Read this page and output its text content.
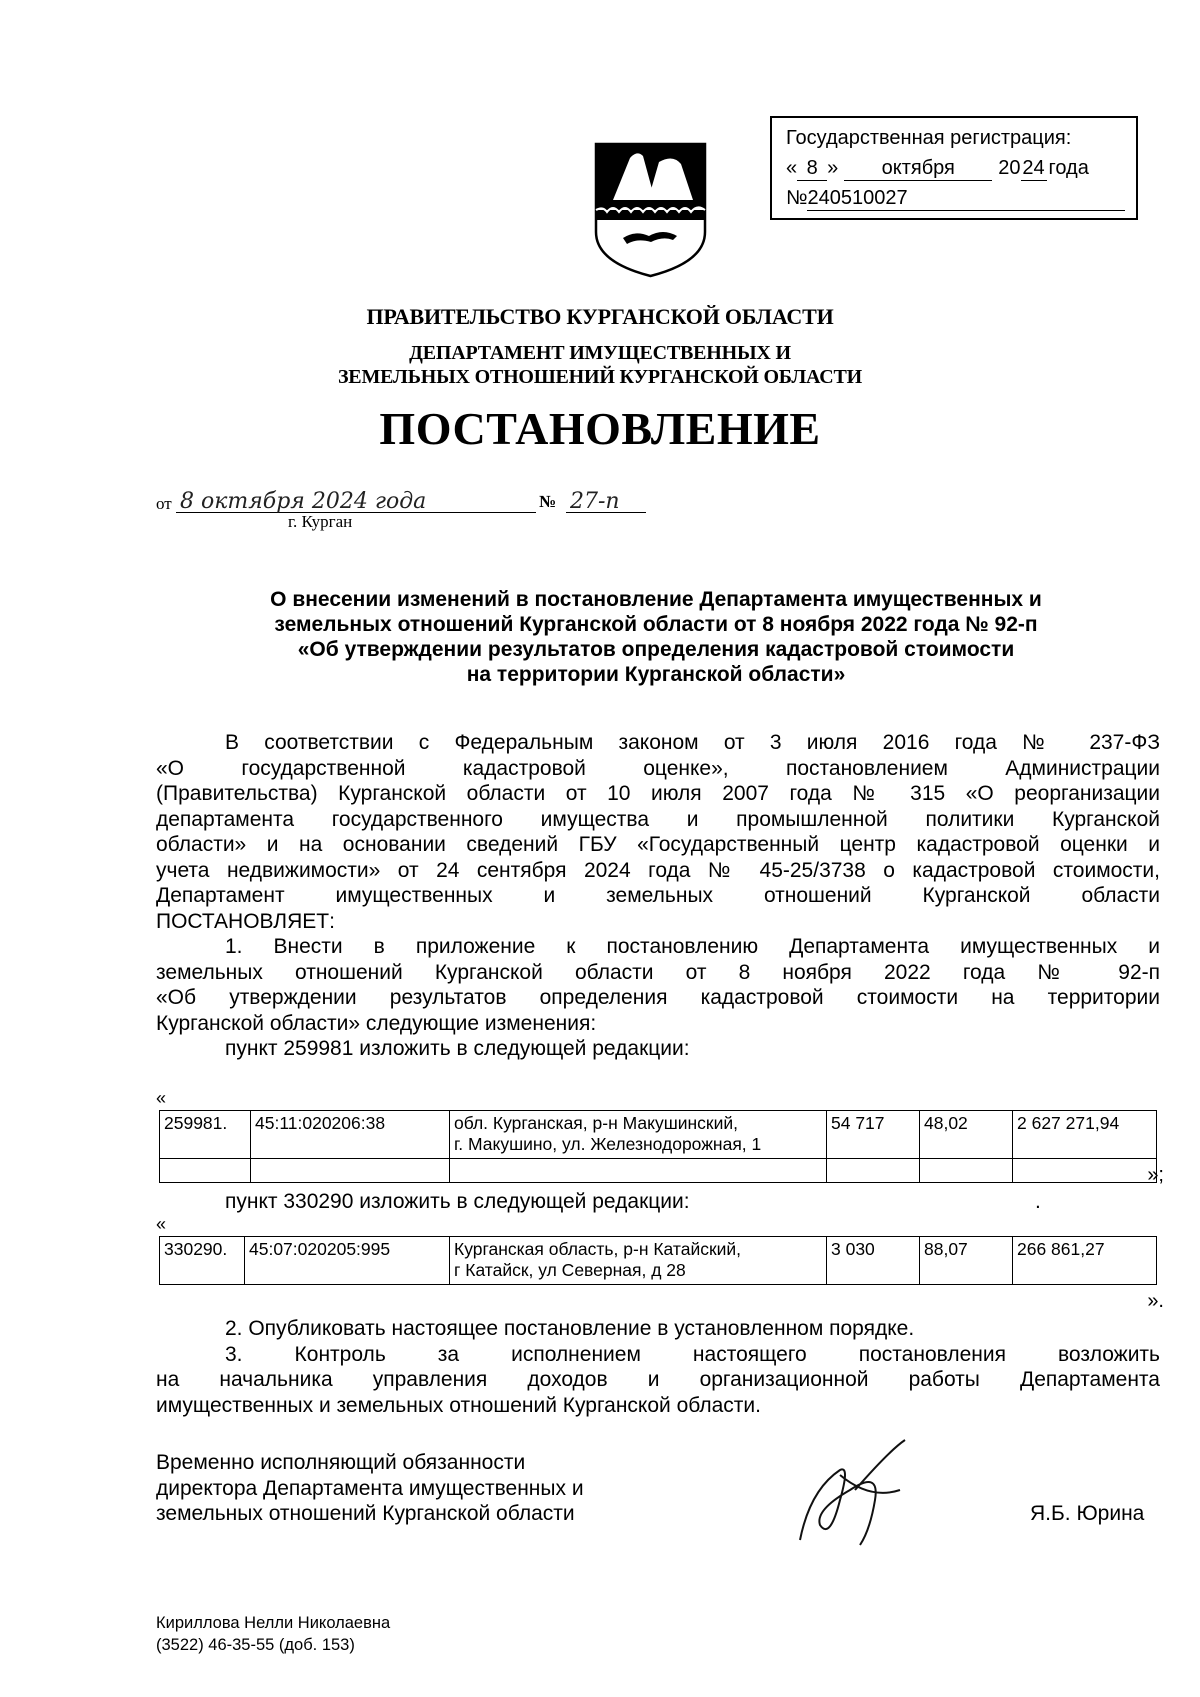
Государственная регистрация:
« 8 »	октября	20 24 года
№ 240510027
ПРАВИТЕЛЬСТВО КУРГАНСКОЙ ОБЛАСТИ
ДЕПАРТАМЕНТ ИМУЩЕСТВЕННЫХ И
ЗЕМЕЛЬНЫХ ОТНОШЕНИЙ КУРГАНСКОЙ ОБЛАСТИ
ПОСТАНОВЛЕНИЕ
от 8 октября 2024 года	№ 27-п
г. Курган
О внесении изменений в постановление Департамента имущественных и
земельных отношений Курганской области от 8 ноября 2022 года № 92-п
«Об утверждении результатов определения кадастровой стоимости
на территории Курганской области»

В соответствии с Федеральным законом от 3 июля 2016 года № 237-ФЗ

«О государственной кадастровой оценке», постановлением Администрации

(Правительства) Курганской области от 10 июля 2007 года № 315 «О реорганизации

департамента государственного имущества и промышленной политики Курганской

области» и на основании сведений ГБУ «Государственный центр кадастровой оценки и

учета недвижимости» от 24 сентября 2024 года № 45-25/3738 о кадастровой стоимости,

Департамент имущественных и земельных отношений Курганской области

ПОСТАНОВЛЯЕТ:

1. Внести в приложение к постановлению Департамента имущественных и

земельных отношений Курганской области от 8 ноября 2022 года № 92-п

«Об утверждении результатов определения кадастровой стоимости на территории

Курганской области» следующие изменения:

пункт 259981 изложить в следующей редакции:

«
259981.	45:11:020206:38	обл. Курганская, р-н Макушинский,
г. Макушино, ул. Железнодорожная, 1	54 717	48,02	2 627 271,94

»;
пункт 330290 изложить в следующей редакции:	.
«
330290.	45:07:020205:995	Курганская область, р-н Катайский,
г Катайск, ул Северная, д 28
	3 030	88,07	266 861,27
».

2. Опубликовать настоящее постановление в установленном порядке.

3. Контроль за исполнением настоящего постановления возложить

на начальника управления доходов и организационной работы Департамента

имущественных и земельных отношений Курганской области.

Временно исполняющий обязанности
директора Департамента имущественных и
земельных отношений Курганской области	Я.Б. Юрина
Кириллова Нелли Николаевна
(3522) 46-35-55 (доб. 153)
